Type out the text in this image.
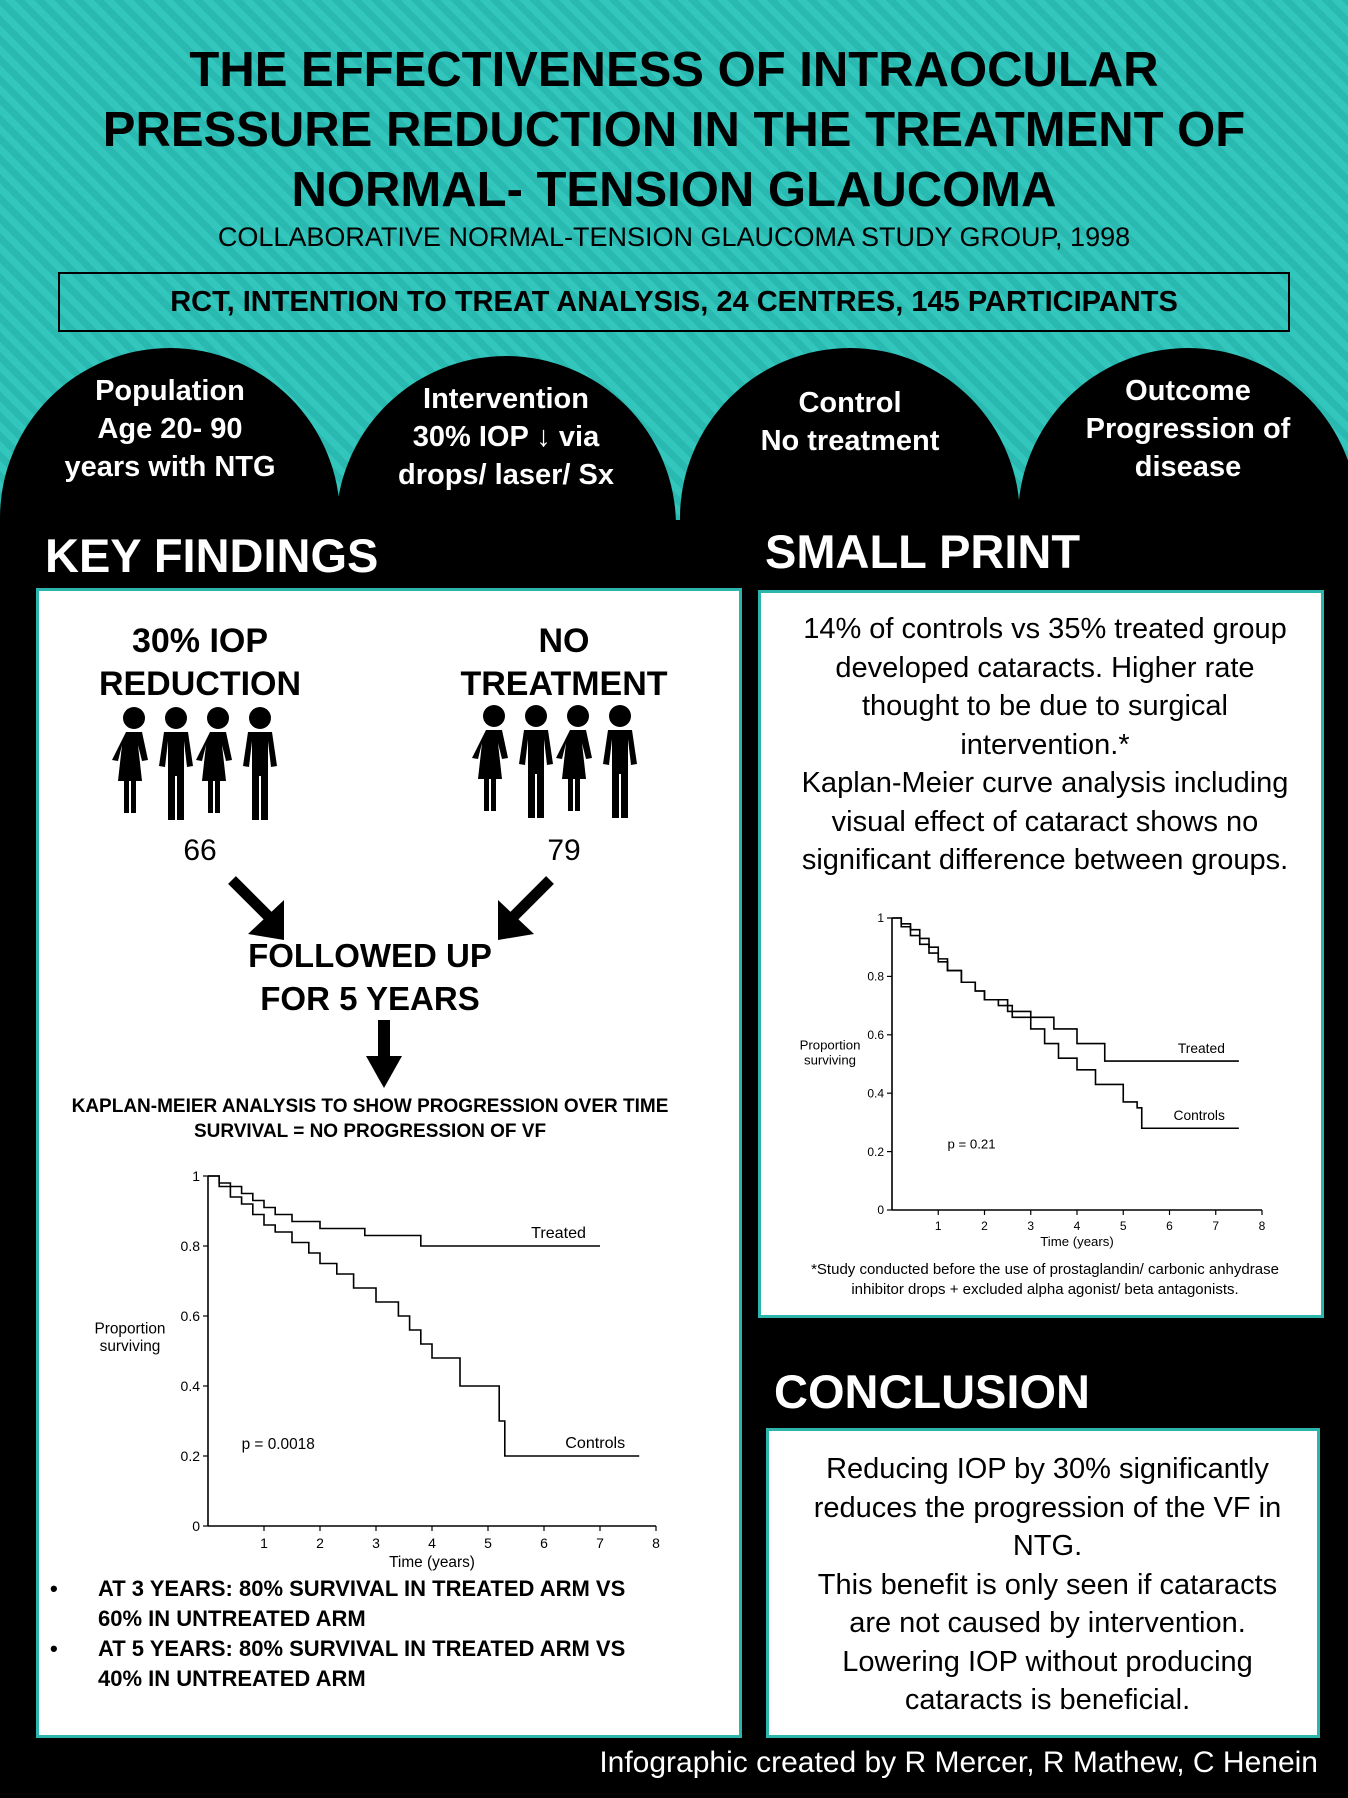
THE EFFECTIVENESS OF INTRAOCULAR
PRESSURE REDUCTION IN THE TREATMENT OF
NORMAL- TENSION GLAUCOMA
COLLABORATIVE NORMAL-TENSION GLAUCOMA STUDY GROUP, 1998
RCT, INTENTION TO TREAT ANALYSIS, 24 CENTRES, 145 PARTICIPANTS
Population
Age 20- 90
years with NTG
Intervention
30% IOP ↓ via
drops/ laser/ Sx
Control
No treatment
Outcome
Progression of
disease
KEY FINDINGS
30% IOP
REDUCTION
NO
TREATMENT
66	79
FOLLOWED UP
FOR 5 YEARS
KAPLAN-MEIER ANALYSIS TO SHOW PROGRESSION OVER TIME
SURVIVAL = NO PROGRESSION OF VF
0
0.2
0.4
0.6
0.8
1
1	2	3	4	5	6	7	8
Time (years)
Proportion
surviving
Treated
Controls
p = 0.0018
•	AT 3 YEARS: 80% SURVIVAL IN TREATED ARM VS
60% IN UNTREATED ARM
•	AT 5 YEARS: 80% SURVIVAL IN TREATED ARM VS
40% IN UNTREATED ARM
SMALL PRINT
14% of controls vs 35% treated group
developed cataracts. Higher rate
thought to be due to surgical
intervention.*
Kaplan-Meier curve analysis including
visual effect of cataract shows no
significant difference between groups.
0
0.2
0.4
0.6
0.8
1
1	2	3	4	5	6	7	8
Time (years)
Proportion
surviving
Treated
Controls
p = 0.21
*Study conducted before the use of prostaglandin/ carbonic anhydrase
inhibitor drops + excluded alpha agonist/ beta antagonists.
CONCLUSION
Reducing IOP by 30% significantly
reduces the progression of the VF in
NTG.
This benefit is only seen if cataracts
are not caused by intervention.
Lowering IOP without producing
cataracts is beneficial.
Infographic created by R Mercer, R Mathew, C Henein
